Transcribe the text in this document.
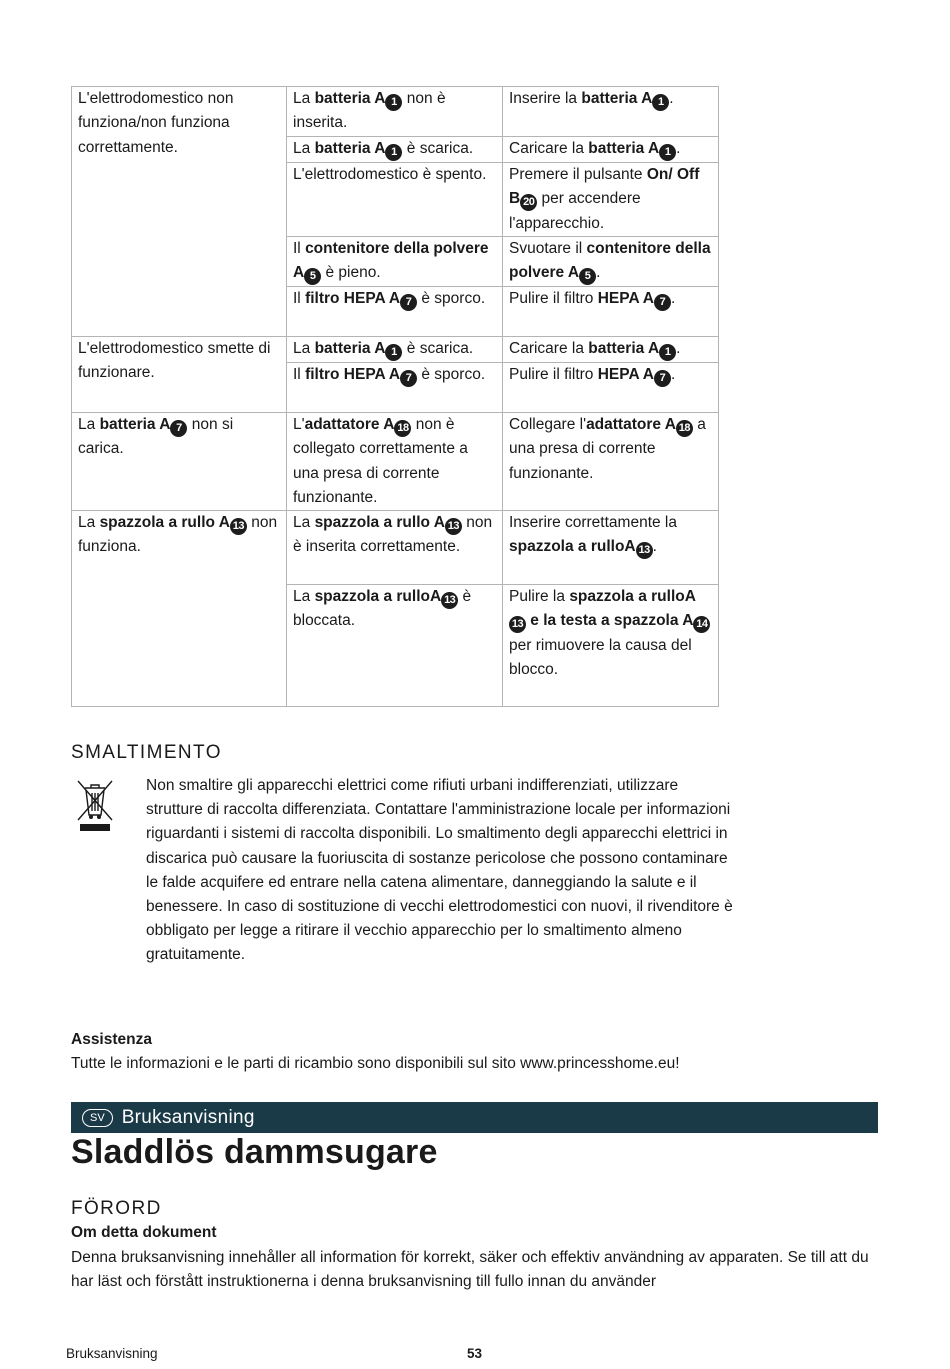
L'elettrodomestico non funziona/non funziona correttamente.	La batteria A 1 non è inserita.	Inserire la batteria A 1 .
	La batteria A 1 è scarica.	Caricare la batteria A 1 .
	L'elettrodomestico è spento.	Premere il pulsante On/ Off B 20 per accendere l'apparecchio.
	Il contenitore della polvere A 5 è pieno.	Svuotare il contenitore della polvere A 5 .
	Il filtro HEPA A 7 è sporco.	Pulire il filtro HEPA A 7 .
L'elettrodomestico smette di funzionare.	La batteria A 1 è scarica.	Caricare la batteria A 1 .
	Il filtro HEPA A 7 è sporco.	Pulire il filtro HEPA A 7 .
La batteria A 7 non si carica.	L'adattatore A 18 non è collegato correttamente a una presa di corrente funzionante.	Collegare l'adattatore A 18 a una presa di corrente funzionante.
La spazzola a rullo A 13 non funziona.	La spazzola a rullo A 13 non è inserita correttamente.	Inserire correttamente la spazzola a rulloA 13 .
	La spazzola a rulloA 13 è bloccata.	Pulire la spazzola a rulloA13 e la testa a spazzola A 14 per rimuovere la causa del blocco.
SMALTIMENTO

Non smaltire gli apparecchi elettrici come rifiuti urbani indifferenziati, utilizzare strutture di raccolta differenziata. Contattare l'amministrazione locale per informazioni riguardanti i sistemi di raccolta disponibili. Lo smaltimento degli apparecchi elettrici in discarica può causare la fuoriuscita di sostanze pericolose che possono contaminare le falde acquifere ed entrare nella catena alimentare, danneggiando la salute e il benessere. In caso di sostituzione di vecchi elettrodomestici con nuovi, il rivenditore è obbligato per legge a ritirare il vecchio apparecchio per lo smaltimento almeno gratuitamente.

Assistenza

Tutte le informazioni e le parti di ricambio sono disponibili sul sito www.princesshome.eu!

SV Bruksanvisning
Sladdlös dammsugare
FÖRORD

Om detta dokument

Denna bruksanvisning innehåller all information för korrekt, säker och effektiv användning av apparaten. Se till att du har läst och förstått instruktionerna i denna bruksanvisning till fullo innan du använder

Bruksanvisning	53
